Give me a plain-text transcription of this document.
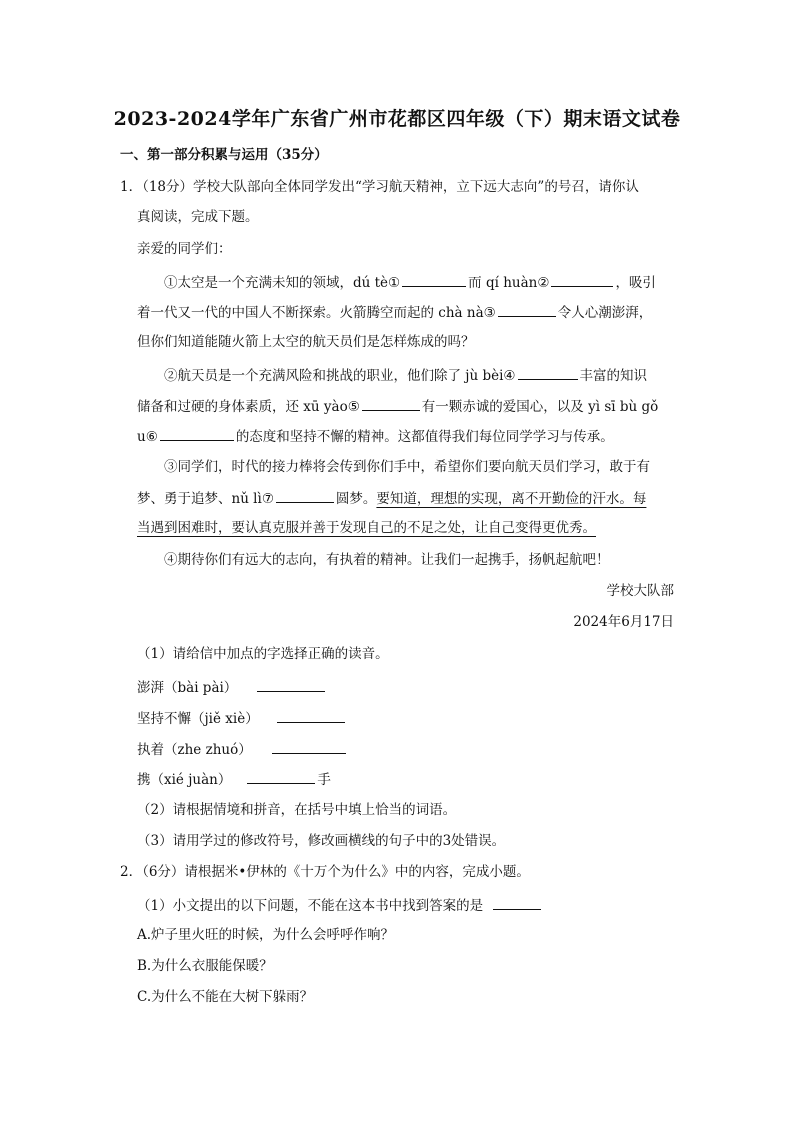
2023-2024学年广东省广州市花都区四年级（下）期末语文试卷
一、第一部分积累与运用（35分）
1．（18分）学校大队部向全体同学发出“学习航天精神，立下远大志向”的号召，请你认
真阅读，完成下题。
亲爱的同学们：
①太空是一个充满未知的领域，dú tè①	而 qí huàn②	，吸引
着一代又一代的中国人不断探索。火箭腾空而起的 chà nà③	令人心潮澎湃，
但你们知道能随火箭上太空的航天员们是怎样炼成的吗？
②航天员是一个充满风险和挑战的职业，他们除了 jù bèi④	丰富的知识
储备和过硬的身体素质，还 xū yào⑤	有一颗赤诚的爱国心，以及 yì sī bù gǒ
u⑥	的态度和坚持不懈的精神。这都值得我们每位同学学习与传承。
③同学们，时代的接力棒将会传到你们手中，希望你们要向航天员们学习，敢于有
梦、勇于追梦、nǔ lì⑦	圆梦。要知道，理想的实现，离不开勤俭的汗水。每
当遇到困难时，要认真克服并善于发现自己的不足之处，让自己变得更优秀。
④期待你们有远大的志向，有执着的精神。让我们一起携手，扬帆起航吧！
学校大队部
2024年6月17日
（1）请给信中加点的字选择正确的读音。
澎湃（bài pài）
坚持不懈（jiě xiè）
执着（zhe zhuó）
携（xié juàn）	手
（2）请根据情境和拼音，在括号中填上恰当的词语。
（3）请用学过的修改符号，修改画横线的句子中的3处错误。
2．（6分）请根据米•伊林的《十万个为什么》中的内容，完成小题。
（1）小文提出的以下问题，不能在这本书中找到答案的是
A.炉子里火旺的时候，为什么会呼呼作响？
B.为什么衣服能保暖？
C.为什么不能在大树下躲雨？
